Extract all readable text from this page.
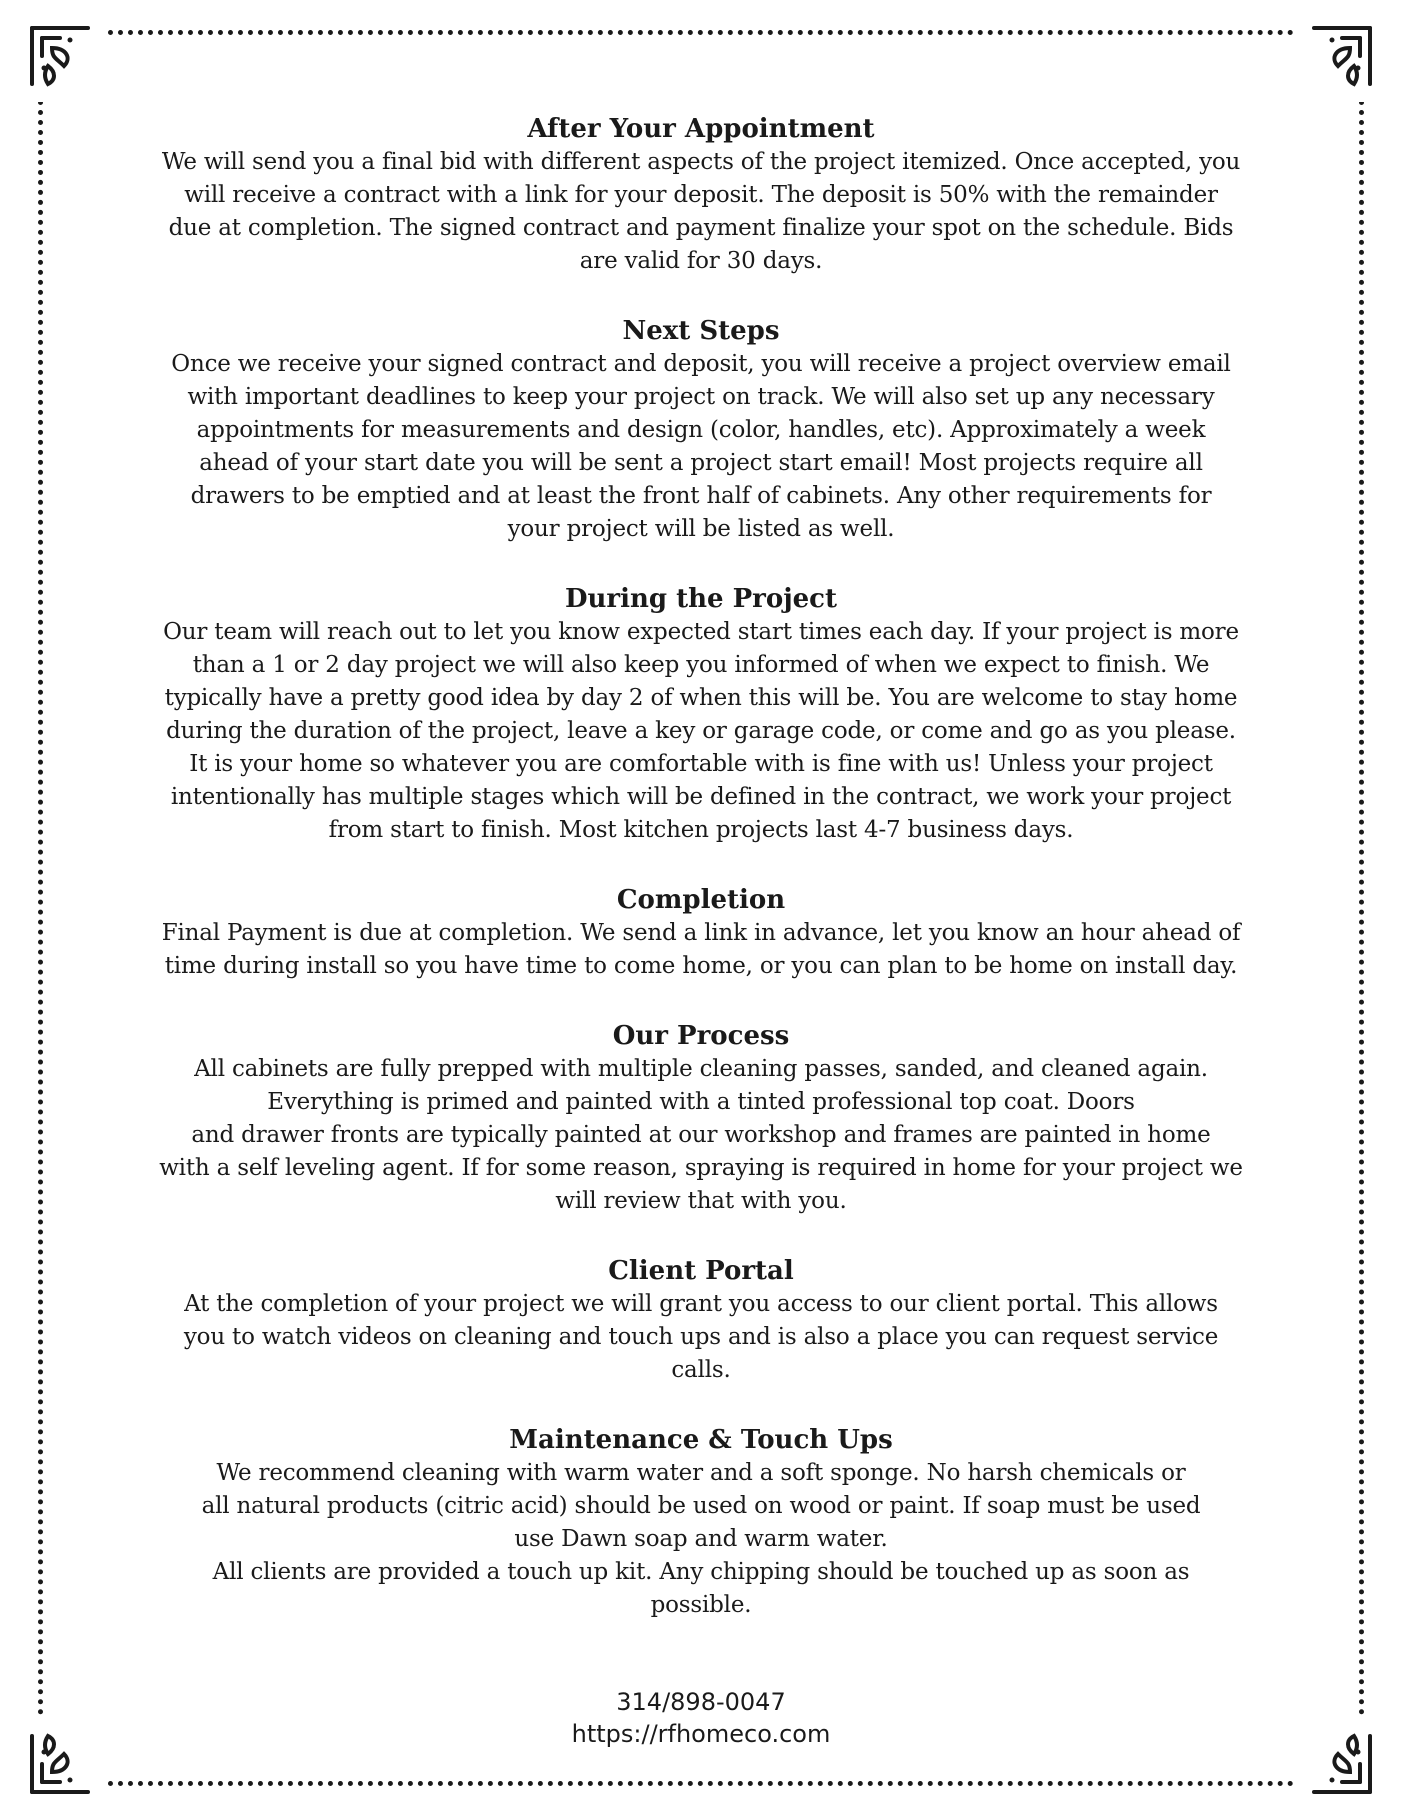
After Your Appointment

We will send you a final bid with different aspects of the project itemized. Once accepted, you
will receive a contract with a link for your deposit. The deposit is 50% with the remainder
due at completion. The signed contract and payment finalize your spot on the schedule. Bids
are valid for 30 days.

Next Steps

Once we receive your signed contract and deposit, you will receive a project overview email
with important deadlines to keep your project on track. We will also set up any necessary
appointments for measurements and design (color, handles, etc). Approximately a week
ahead of your start date you will be sent a project start email! Most projects require all
drawers to be emptied and at least the front half of cabinets. Any other requirements for
your project will be listed as well.

During the Project

Our team will reach out to let you know expected start times each day. If your project is more
than a 1 or 2 day project we will also keep you informed of when we expect to finish. We
typically have a pretty good idea by day 2 of when this will be. You are welcome to stay home
during the duration of the project, leave a key or garage code, or come and go as you please.
It is your home so whatever you are comfortable with is fine with us! Unless your project
intentionally has multiple stages which will be defined in the contract, we work your project
from start to finish. Most kitchen projects last 4-7 business days.

Completion

Final Payment is due at completion. We send a link in advance, let you know an hour ahead of
time during install so you have time to come home, or you can plan to be home on install day.

Our Process

All cabinets are fully prepped with multiple cleaning passes, sanded, and cleaned again.
Everything is primed and painted with a tinted professional top coat. Doors
and drawer fronts are typically painted at our workshop and frames are painted in home
with a self leveling agent. If for some reason, spraying is required in home for your project we
will review that with you.

Client Portal

At the completion of your project we will grant you access to our client portal. This allows
you to watch videos on cleaning and touch ups and is also a place you can request service
calls.

Maintenance & Touch Ups

We recommend cleaning with warm water and a soft sponge. No harsh chemicals or
all natural products (citric acid) should be used on wood or paint. If soap must be used
use Dawn soap and warm water.
All clients are provided a touch up kit. Any chipping should be touched up as soon as
possible.

314/898-0047
https://rfhomeco.com
